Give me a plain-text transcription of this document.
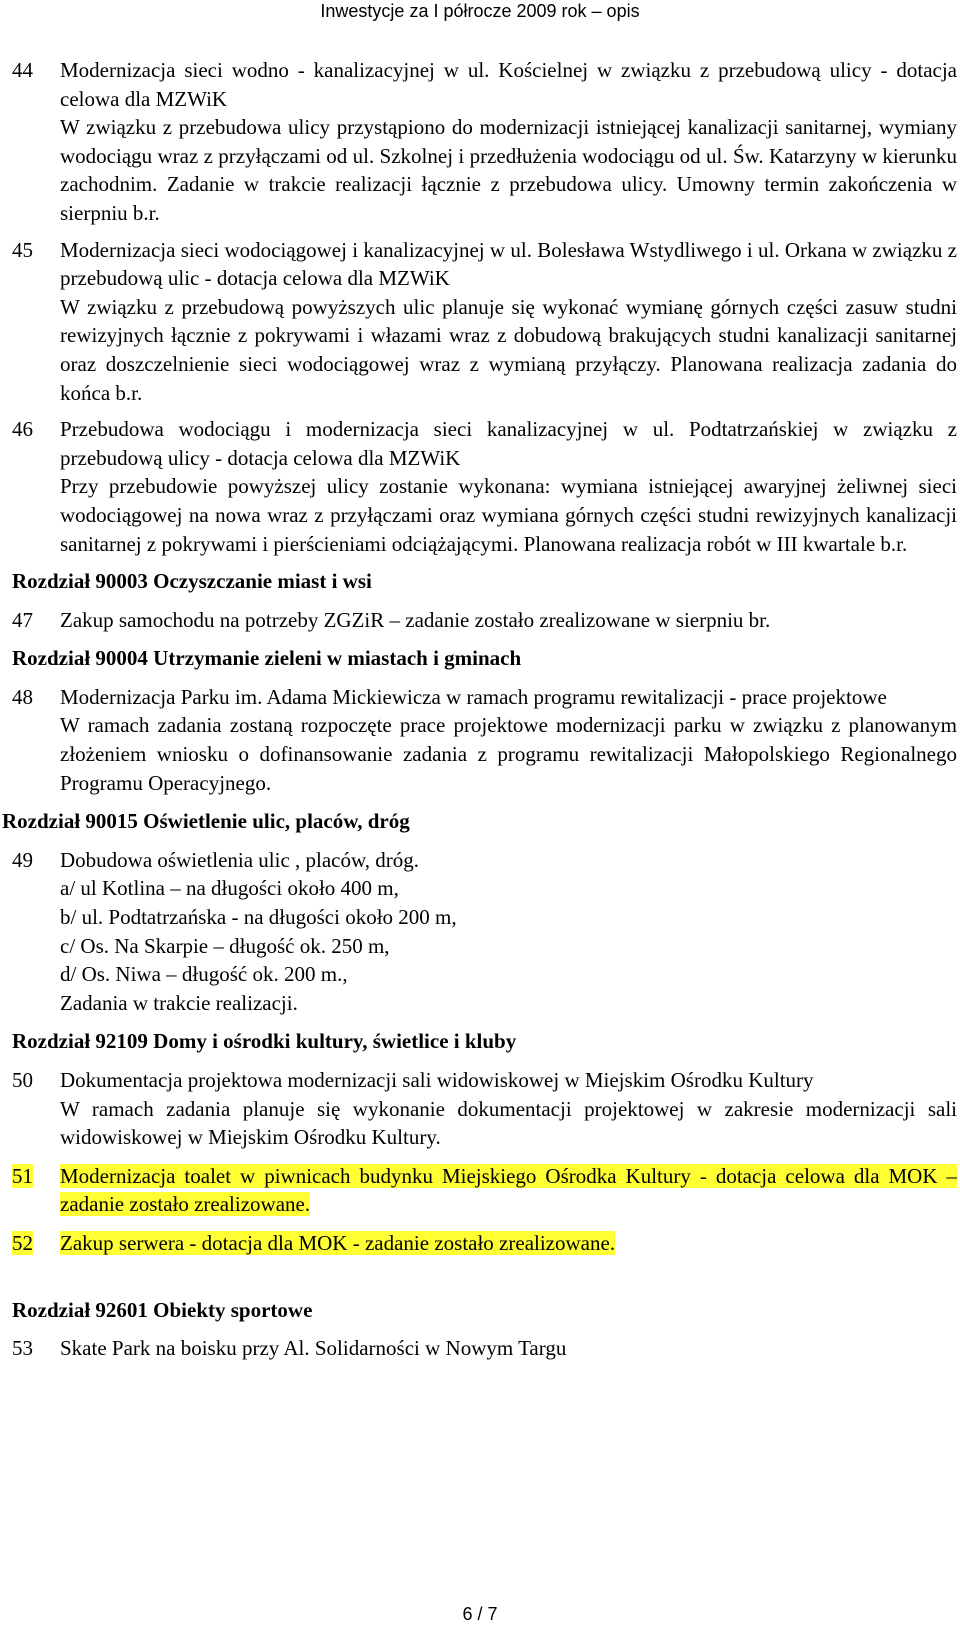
Inwestycje za I półrocze 2009 rok – opis
44	Modernizacja sieci wodno - kanalizacyjnej w ul. Kościelnej w związku z przebudową ulicy - dotacja celowa dla MZWiK

W związku z przebudowa ulicy przystąpiono do modernizacji istniejącej kanalizacji sanitarnej, wymiany wodociągu wraz z przyłączami od ul. Szkolnej i przedłużenia wodociągu od ul. Św. Katarzyny w kierunku zachodnim. Zadanie w trakcie realizacji łącznie z przebudowa ulicy. Umowny termin zakończenia w sierpniu b.r.

45	Modernizacja sieci wodociągowej i kanalizacyjnej w ul. Bolesława Wstydliwego i ul. Orkana w związku z przebudową ulic - dotacja celowa dla MZWiK

W związku z przebudową powyższych ulic planuje się wykonać wymianę górnych części zasuw studni rewizyjnych łącznie z pokrywami i włazami wraz z dobudową brakujących studni kanalizacji sanitarnej oraz doszczelnienie sieci wodociągowej wraz z wymianą przyłączy. Planowana realizacja zadania do końca b.r.

46	Przebudowa wodociągu i modernizacja sieci kanalizacyjnej w ul. Podtatrzańskiej w związku z przebudową ulicy - dotacja celowa dla MZWiK

Przy przebudowie powyższej ulicy zostanie wykonana: wymiana istniejącej awaryjnej żeliwnej sieci wodociągowej na nowa wraz z przyłączami oraz wymiana górnych części studni rewizyjnych kanalizacji sanitarnej z pokrywami i pierścieniami odciążającymi. Planowana realizacja robót w III kwartale b.r.

Rozdział 90003 Oczyszczanie miast i wsi
47	Zakup samochodu na potrzeby ZGZiR – zadanie zostało zrealizowane w sierpniu br.

Rozdział 90004 Utrzymanie zieleni w miastach i gminach
48	Modernizacja Parku im. Adama Mickiewicza w ramach programu rewitalizacji - prace projektowe

W ramach zadania zostaną rozpoczęte prace projektowe modernizacji parku w związku z planowanym złożeniem wniosku o dofinansowanie zadania z programu rewitalizacji Małopolskiego Regionalnego Programu Operacyjnego.

Rozdział 90015 Oświetlenie ulic, placów, dróg
49	Dobudowa oświetlenia ulic , placów, dróg.

a/ ul Kotlina – na długości około 400 m,

b/ ul. Podtatrzańska - na długości około 200 m,

c/ Os. Na Skarpie – długość ok. 250 m,

d/ Os. Niwa – długość ok. 200 m.,

Zadania w trakcie realizacji.

Rozdział 92109 Domy i ośrodki kultury, świetlice i kluby
50	Dokumentacja projektowa modernizacji sali widowiskowej w Miejskim Ośrodku Kultury

W ramach zadania planuje się wykonanie dokumentacji projektowej w zakresie modernizacji sali widowiskowej w Miejskim Ośrodku Kultury.

51	Modernizacja toalet w piwnicach budynku Miejskiego Ośrodka Kultury - dotacja celowa dla MOK – zadanie zostało zrealizowane.

52	Zakup serwera - dotacja dla MOK - zadanie zostało zrealizowane.

Rozdział 92601 Obiekty sportowe
53	Skate Park na boisku przy Al. Solidarności w Nowym Targu

6 / 7
